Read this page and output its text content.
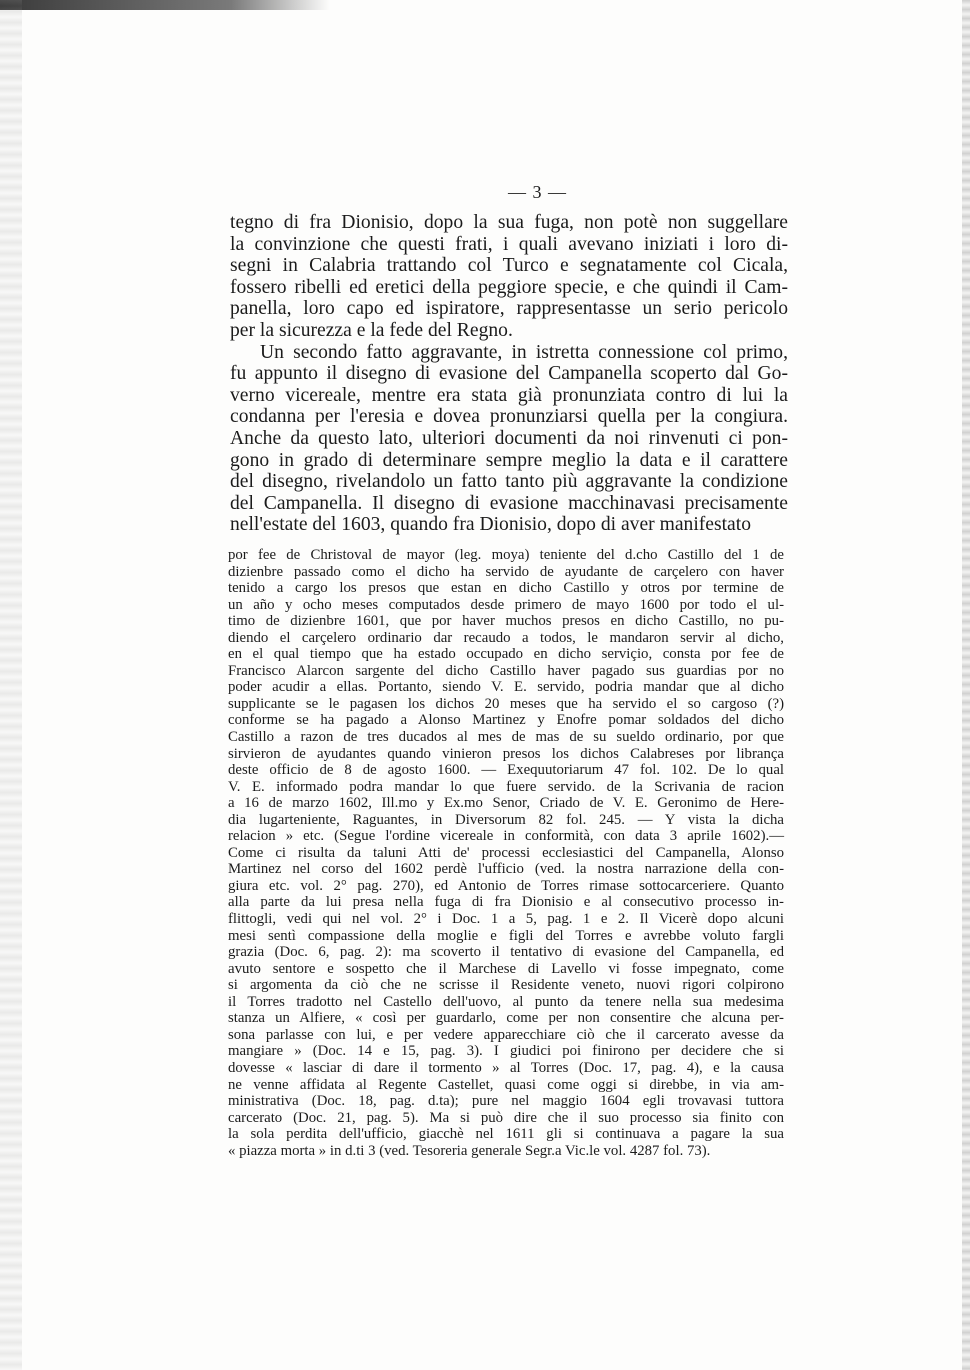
— 3 —
tegno di fra Dionisio, dopo la sua fuga, non potè non suggellare
la convinzione che questi frati, i quali avevano iniziati i loro di-
segni in Calabria trattando col Turco e segnatamente col Cicala,
fossero ribelli ed eretici della peggiore specie, e che quindi il Cam-
panella, loro capo ed ispiratore, rappresentasse un serio pericolo
per la sicurezza e la fede del Regno.
Un secondo fatto aggravante, in istretta connessione col primo,
fu appunto il disegno di evasione del Campanella scoperto dal Go-
verno vicereale, mentre era stata già pronunziata contro di lui la
condanna per l'eresia e dovea pronunziarsi quella per la congiura.
Anche da questo lato, ulteriori documenti da noi rinvenuti ci pon-
gono in grado di determinare sempre meglio la data e il carattere
del disegno, rivelandolo un fatto tanto più aggravante la condizione
del Campanella. Il disegno di evasione macchinavasi precisamente
nell'estate del 1603, quando fra Dionisio, dopo di aver manifestato
por fee de Christoval de mayor (leg. moya) teniente del d.cho Castillo del 1 de
dizienbre passado como el dicho ha servido de ayudante de carçelero con haver
tenido a cargo los presos que estan en dicho Castillo y otros por termine de
un año y ocho meses computados desde primero de mayo 1600 por todo el ul-
timo de dizienbre 1601, que por haver muchos presos en dicho Castillo, no pu-
diendo el carçelero ordinario dar recaudo a todos, le mandaron servir al dicho,
en el qual tiempo que ha estado occupado en dicho serviçio, consta por fee de
Francisco Alarcon sargente del dicho Castillo haver pagado sus guardias por no
poder acudir a ellas. Portanto, siendo V. E. servido, podria mandar que al dicho
supplicante se le pagasen los dichos 20 meses que ha servido el so cargoso (?)
conforme se ha pagado a Alonso Martinez y Enofre pomar soldados del dicho
Castillo a razon de tres ducados al mes de mas de su sueldo ordinario, por que
sirvieron de ayudantes quando vinieron presos los dichos Calabreses por librança
deste officio de 8 de agosto 1600. — Exequutoriarum 47 fol. 102. De lo qual
V. E. informado podra mandar lo que fuere servido. de la Scrivania de racion
a 16 de marzo 1602, Ill.mo y Ex.mo Senor, Criado de V. E. Geronimo de Here-
dia lugarteniente, Raguantes, in Diversorum 82 fol. 245. — Y vista la dicha
relacion » etc. (Segue l'ordine vicereale in conformità, con data 3 aprile 1602).—
Come ci risulta da taluni Atti de' processi ecclesiastici del Campanella, Alonso
Martinez nel corso del 1602 perdè l'ufficio (ved. la nostra narrazione della con-
giura etc. vol. 2° pag. 270), ed Antonio de Torres rimase sottocarceriere. Quanto
alla parte da lui presa nella fuga di fra Dionisio e al consecutivo processo in-
flittogli, vedi qui nel vol. 2° i Doc. 1 a 5, pag. 1 e 2. Il Vicerè dopo alcuni
mesi sentì compassione della moglie e figli del Torres e avrebbe voluto fargli
grazia (Doc. 6, pag. 2): ma scoverto il tentativo di evasione del Campanella, ed
avuto sentore e sospetto che il Marchese di Lavello vi fosse impegnato, come
si argomenta da ciò che ne scrisse il Residente veneto, nuovi rigori colpirono
il Torres tradotto nel Castello dell'uovo, al punto da tenere nella sua medesima
stanza un Alfiere, « così per guardarlo, come per non consentire che alcuna per-
sona parlasse con lui, e per vedere apparecchiare ciò che il carcerato avesse da
mangiare » (Doc. 14 e 15, pag. 3). I giudici poi finirono per decidere che si
dovesse « lasciar di dare il tormento » al Torres (Doc. 17, pag. 4), e la causa
ne venne affidata al Regente Castellet, quasi come oggi si direbbe, in via am-
ministrativa (Doc. 18, pag. d.ta); pure nel maggio 1604 egli trovavasi tuttora
carcerato (Doc. 21, pag. 5). Ma si può dire che il suo processo sia finito con
la sola perdita dell'ufficio, giacchè nel 1611 gli si continuava a pagare la sua
« piazza morta » in d.ti 3 (ved. Tesoreria generale Segr.a Vic.le vol. 4287 fol. 73).
